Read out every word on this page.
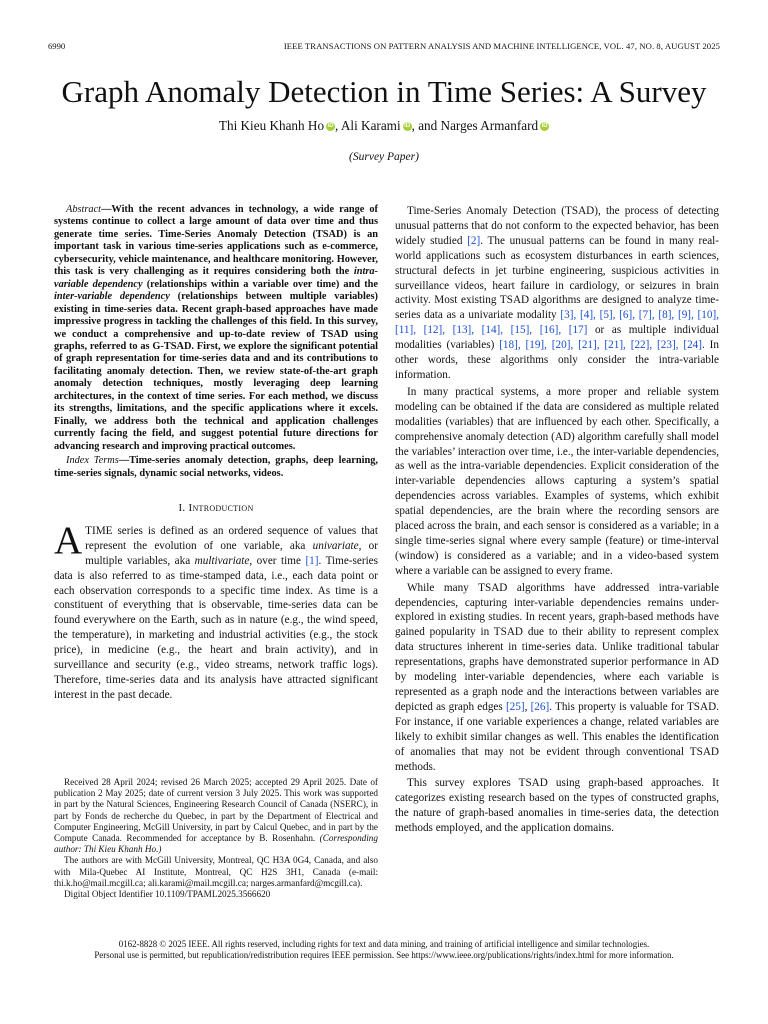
6990	IEEE TRANSACTIONS ON PATTERN ANALYSIS AND MACHINE INTELLIGENCE, VOL. 47, NO. 8, AUGUST 2025
Graph Anomaly Detection in Time Series: A Survey
Thi Kieu Khanh Ho iD , Ali Karami iD , and Narges Armanfard iD
(Survey Paper)

Abstract—With the recent advances in technology, a wide range of systems continue to collect a large amount of data over time and thus generate time series. Time-Series Anomaly Detection (TSAD) is an important task in various time-series applications such as e-commerce, cybersecurity, vehicle maintenance, and healthcare monitoring. However, this task is very challenging as it requires considering both the intra-variable dependency (relationships within a variable over time) and the inter-variable dependency (relationships between multiple variables) existing in time-series data. Recent graph-based approaches have made impressive progress in tackling the challenges of this field. In this survey, we conduct a comprehensive and up-to-date review of TSAD using graphs, referred to as G-TSAD. First, we explore the significant potential of graph representation for time-series data and and its contributions to facilitating anomaly detection. Then, we review state-of-the-art graph anomaly detection techniques, mostly leveraging deep learning architectures, in the context of time series. For each method, we discuss its strengths, limitations, and the specific applications where it excels. Finally, we address both the technical and application challenges currently facing the field, and suggest potential future directions for advancing research and improving practical outcomes.

Index Terms—Time-series anomaly detection, graphs, deep learning, time-series signals, dynamic social networks, videos.

I. Introduction

A TIME series is defined as an ordered sequence of values that represent the evolution of one variable, aka univariate, or multiple variables, aka multivariate, over time [1]. Time-series data is also referred to as time-stamped data, i.e., each data point or each observation corresponds to a specific time index. As time is a constituent of everything that is observable, time-series data can be found everywhere on the Earth, such as in nature (e.g., the wind speed, the temperature), in marketing and industrial activities (e.g., the stock price), in medicine (e.g., the heart and brain activity), and in surveillance and security (e.g., video streams, network traffic logs). Therefore, time-series data and its analysis have attracted significant interest in the past decade.

Received 28 April 2024; revised 26 March 2025; accepted 29 April 2025. Date of publication 2 May 2025; date of current version 3 July 2025. This work was supported in part by the Natural Sciences, Engineering Research Council of Canada (NSERC), in part by Fonds de recherche du Quebec, in part by the Department of Electrical and Computer Engineering, McGill University, in part by Calcul Quebec, and in part by the Compute Canada. Recommended for acceptance by B. Rosenhahn. (Corresponding author: Thi Kieu Khanh Ho.)

The authors are with McGill University, Montreal, QC H3A 0G4, Canada, and also with Mila-Quebec AI Institute, Montreal, QC H2S 3H1, Canada (e-mail: thi.k.ho@mail.mcgill.ca; ali.karami@mail.mcgill.ca; narges.armanfard@mcgill.ca).

Digital Object Identifier 10.1109/TPAML2025.3566620

Time-Series Anomaly Detection (TSAD), the process of detecting unusual patterns that do not conform to the expected behavior, has been widely studied [2]. The unusual patterns can be found in many real-world applications such as ecosystem disturbances in earth sciences, structural defects in jet turbine engineering, suspicious activities in surveillance videos, heart failure in cardiology, or seizures in brain activity. Most existing TSAD algorithms are designed to analyze time-series data as a univariate modality [3], [4], [5], [6], [7], [8], [9], [10], [11], [12], [13], [14], [15], [16], [17] or as multiple individual modalities (variables) [18], [19], [20], [21], [21], [22], [23], [24]. In other words, these algorithms only consider the intra-variable information.

In many practical systems, a more proper and reliable system modeling can be obtained if the data are considered as multiple related modalities (variables) that are influenced by each other. Specifically, a comprehensive anomaly detection (AD) algorithm carefully shall model the variables’ interaction over time, i.e., the inter-variable dependencies, as well as the intra-variable dependencies. Explicit consideration of the inter-variable dependencies allows capturing a system’s spatial dependencies across variables. Examples of systems, which exhibit spatial dependencies, are the brain where the recording sensors are placed across the brain, and each sensor is considered as a variable; in a single time-series signal where every sample (feature) or time-interval (window) is considered as a variable; and in a video-based system where a variable can be assigned to every frame.

While many TSAD algorithms have addressed intra-variable dependencies, capturing inter-variable dependencies remains under-explored in existing studies. In recent years, graph-based methods have gained popularity in TSAD due to their ability to represent complex data structures inherent in time-series data. Unlike traditional tabular representations, graphs have demonstrated superior performance in AD by modeling inter-variable dependencies, where each variable is represented as a graph node and the interactions between variables are depicted as graph edges [25], [26]. This property is valuable for TSAD. For instance, if one variable experiences a change, related variables are likely to exhibit similar changes as well. This enables the identification of anomalies that may not be evident through conventional TSAD methods.

This survey explores TSAD using graph-based approaches. It categorizes existing research based on the types of constructed graphs, the nature of graph-based anomalies in time-series data, the detection methods employed, and the application domains.

0162-8828 © 2025 IEEE. All rights reserved, including rights for text and data mining, and training of artificial intelligence and similar technologies.
Personal use is permitted, but republication/redistribution requires IEEE permission. See https://www.ieee.org/publications/rights/index.html for more information.
